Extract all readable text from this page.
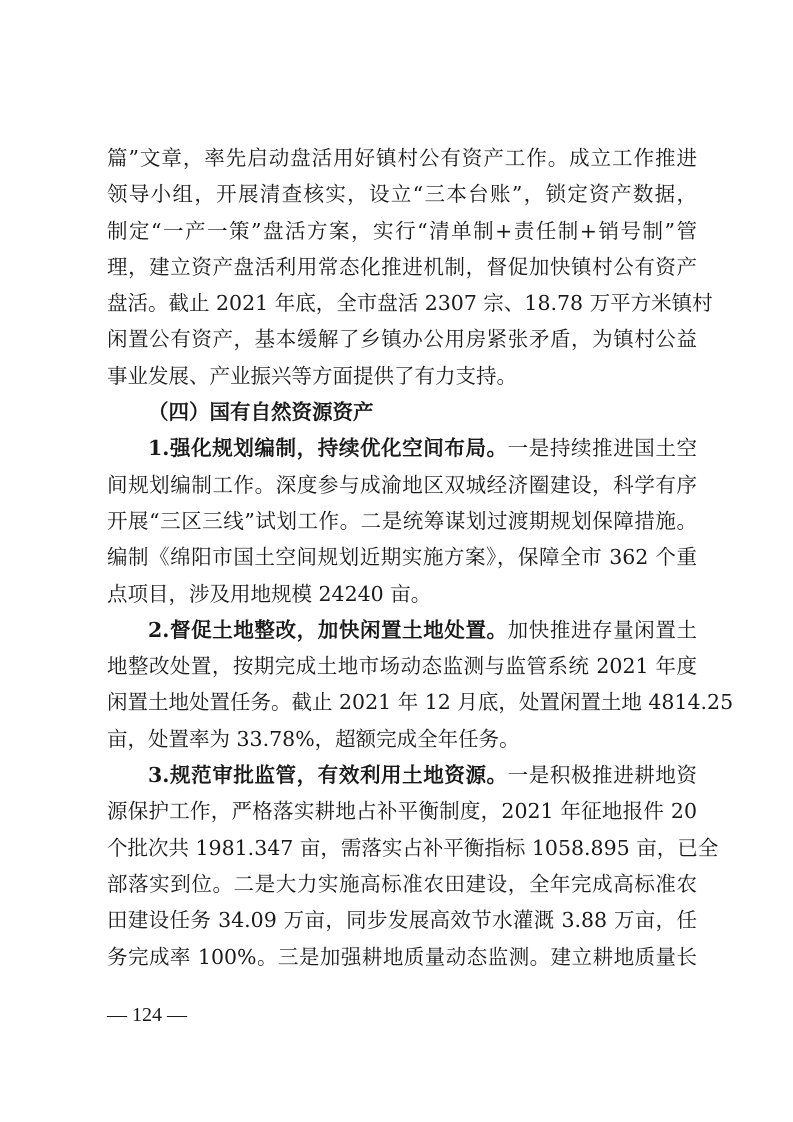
篇”文章，率先启动盘活用好镇村公有资产工作。成立工作推进
领导小组，开展清查核实，设立“三本台账”，锁定资产数据，
制定“一产一策”盘活方案，实行“清单制+责任制+销号制”管
理，建立资产盘活利用常态化推进机制，督促加快镇村公有资产
盘活。截止 2021 年底，全市盘活 2307 宗、18.78 万平方米镇村
闲置公有资产，基本缓解了乡镇办公用房紧张矛盾，为镇村公益
事业发展、产业振兴等方面提供了有力支持。
（四）国有自然资源资产
1.强化规划编制，持续优化空间布局。一是持续推进国土空
间规划编制工作。深度参与成渝地区双城经济圈建设，科学有序
开展“三区三线”试划工作。二是统筹谋划过渡期规划保障措施。
编制《绵阳市国土空间规划近期实施方案》，保障全市 362 个重
点项目，涉及用地规模 24240 亩。
2.督促土地整改，加快闲置土地处置。加快推进存量闲置土
地整改处置，按期完成土地市场动态监测与监管系统 2021 年度
闲置土地处置任务。截止 2021 年 12 月底，处置闲置土地 4814.25
亩，处置率为 33.78%，超额完成全年任务。
3.规范审批监管，有效利用土地资源。一是积极推进耕地资
源保护工作，严格落实耕地占补平衡制度，2021 年征地报件 20
个批次共 1981.347 亩，需落实占补平衡指标 1058.895 亩，已全
部落实到位。二是大力实施高标准农田建设，全年完成高标准农
田建设任务 34.09 万亩，同步发展高效节水灌溉 3.88 万亩，任
务完成率 100%。三是加强耕地质量动态监测。建立耕地质量长
— 124 —
